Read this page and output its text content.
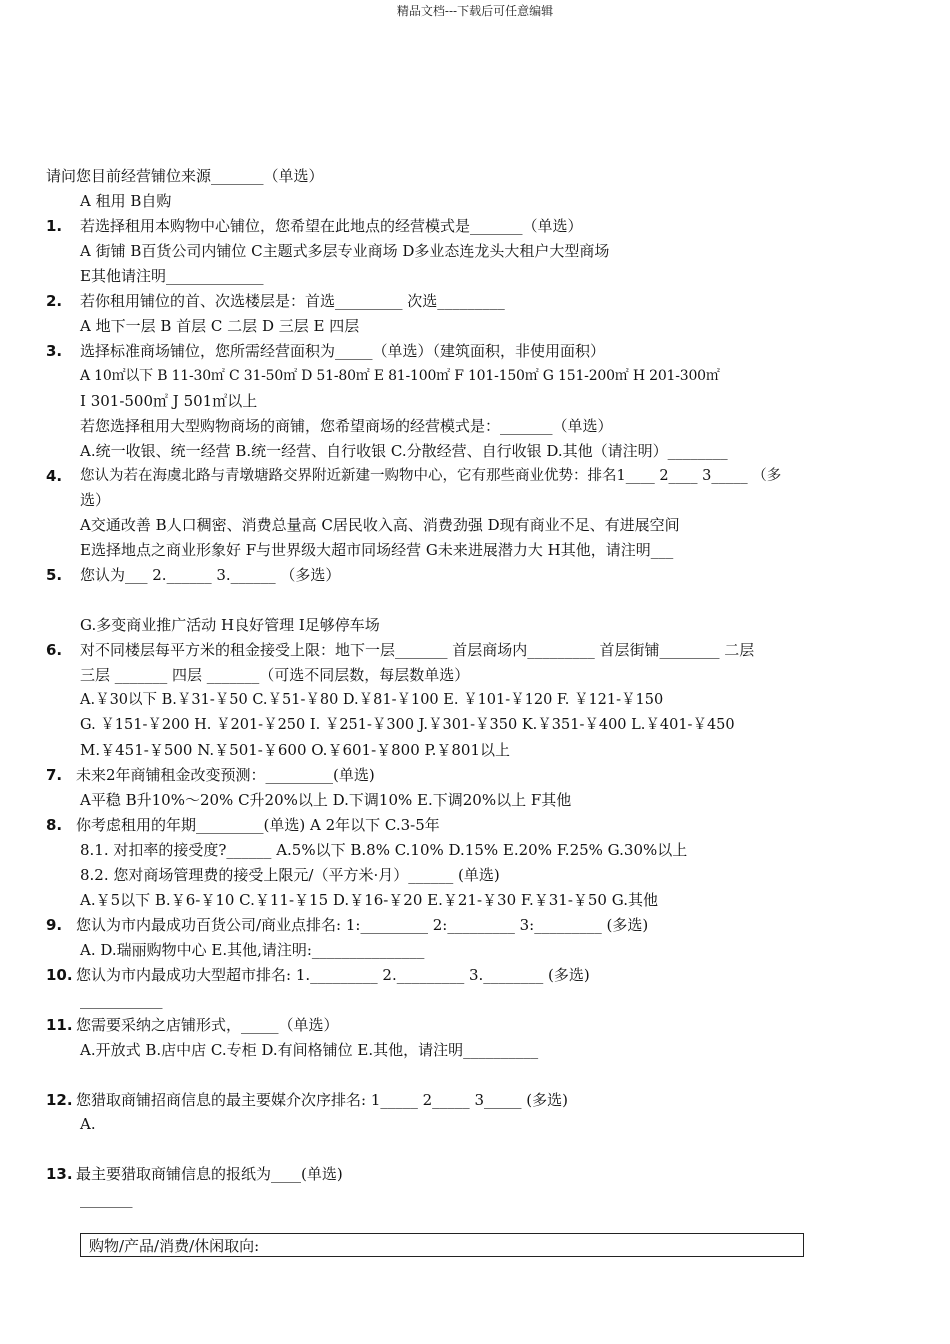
精品文档---下载后可任意编辑
请问您目前经营铺位来源_______（单选）
A 租用 B自购
1. 若选择租用本购物中心铺位，您希望在此地点的经营模式是_______（单选）
A 街铺 B百货公司内铺位 C主题式多层专业商场 D多业态连龙头大租户大型商场
E其他请注明_____________
2. 若你租用铺位的首、次选楼层是：首选_________ 次选_________
A 地下一层 B 首层 C 二层 D 三层 E 四层
3. 选择标准商场铺位，您所需经营面积为_____（单选）（建筑面积，非使用面积）
A 10㎡以下 B 11-30㎡ C 31-50㎡ D 51-80㎡ E 81-100㎡ F 101-150㎡ G 151-200㎡ H 201-300㎡
I 301-500㎡ J 501㎡以上
若您选择租用大型购物商场的商铺，您希望商场的经营模式是：_______（单选）
A.统一收银、统一经营 B.统一经营、自行收银 C.分散经营、自行收银 D.其他（请注明）________
4. 您认为若在海虞北路与青墩塘路交界附近新建一购物中心，它有那些商业优势：排名1____ 2____ 3_____ （多
选）
A交通改善 B人口稠密、消费总量高 C居民收入高、消费劲强 D现有商业不足、有进展空间
E选择地点之商业形象好 F与世界级大超市同场经营 G未来进展潜力大 H其他，请注明___
5. 您认为___ 2.______ 3.______ （多选）
G.多变商业推广活动 H良好管理 I足够停车场
6. 对不同楼层每平方米的租金接受上限：地下一层_______ 首层商场内_________ 首层街铺________ 二层
三层 _______ 四层 _______（可选不同层数，每层数单选）
A.￥30以下 B.￥31-￥50 C.￥51-￥80 D.￥81-￥100 E. ￥101-￥120 F. ￥121-￥150
G. ￥151-￥200 H. ￥201-￥250 I. ￥251-￥300 J.￥301-￥350 K.￥351-￥400 L.￥401-￥450
M.￥451-￥500 N.￥501-￥600 O.￥601-￥800 P.￥801以上
7. 未来2年商铺租金改变预测：_________(单选)
A平稳 B升10%～20% C升20%以上 D.下调10% E.下调20%以上 F其他
8. 你考虑租用的年期_________(单选) A 2年以下 C.3-5年
8.1. 对扣率的接受度?______ A.5%以下 B.8% C.10% D.15% E.20% F.25% G.30%以上
8.2. 您对商场管理费的接受上限元/（平方米·月）______ (单选)
A.￥5以下 B.￥6-￥10 C.￥11-￥15 D.￥16-￥20 E.￥21-￥30 F.￥31-￥50 G.其他
9. 您认为市内最成功百货公司/商业点排名: 1:_________ 2:_________ 3:_________ (多选)
A. D.瑞丽购物中心 E.其他,请注明:_______________
10. 您认为市内最成功大型超市排名: 1._________ 2._________ 3.________ (多选)
___________
11. 您需要采纳之店铺形式，_____（单选）
A.开放式 B.店中店 C.专柜 D.有间格铺位 E.其他，请注明__________
12. 您猎取商铺招商信息的最主要媒介次序排名: 1_____ 2_____ 3_____ (多选)
A.
13. 最主要猎取商铺信息的报纸为____(单选)
_______
购物/产品/消费/休闲取向:
